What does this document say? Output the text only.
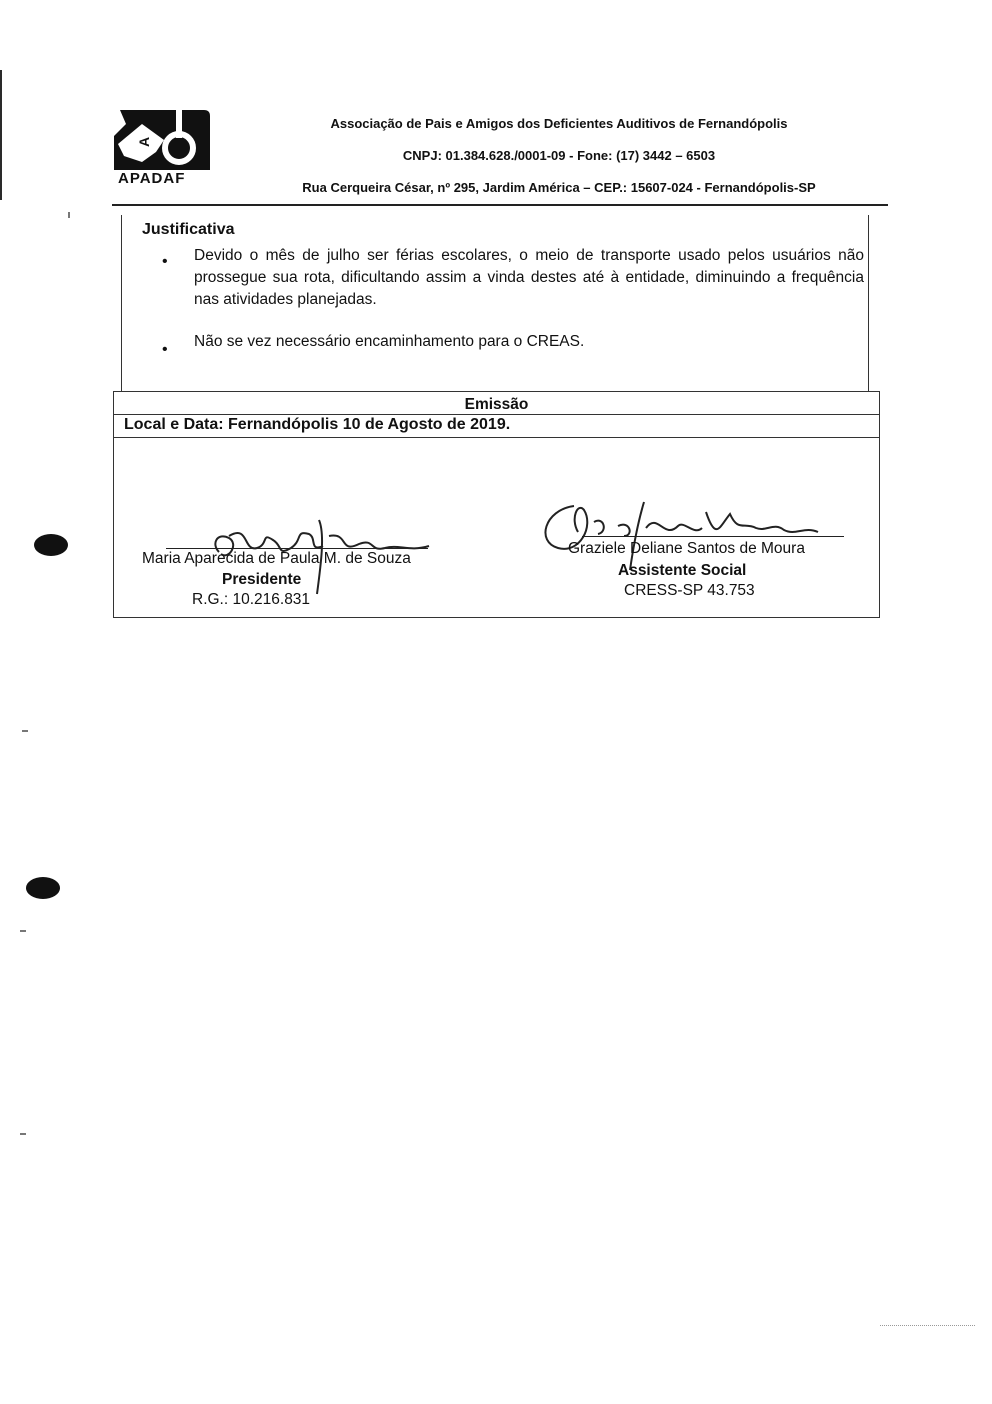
A
APADAF
Associação de Pais e Amigos dos Deficientes Auditivos de Fernandópolis
CNPJ: 01.384.628./0001-09 - Fone: (17) 3442 – 6503
Rua Cerqueira César, nº 295, Jardim América – CEP.: 15607-024 - Fernandópolis-SP
Justificativa
• Devido o mês de julho ser férias escolares, o meio de transporte usado pelos usuários não prossegue sua rota, dificultando assim a vinda destes até à entidade, diminuindo a frequência nas atividades planejadas.
• Não se vez necessário encaminhamento para o CREAS.
Emissão
Local e Data: Fernandópolis 10 de Agosto de 2019.
Maria Aparecida de Paula M. de Souza
Presidente
R.G.: 10.216.831
Graziele Deliane Santos de Moura
Assistente Social
CRESS-SP 43.753
